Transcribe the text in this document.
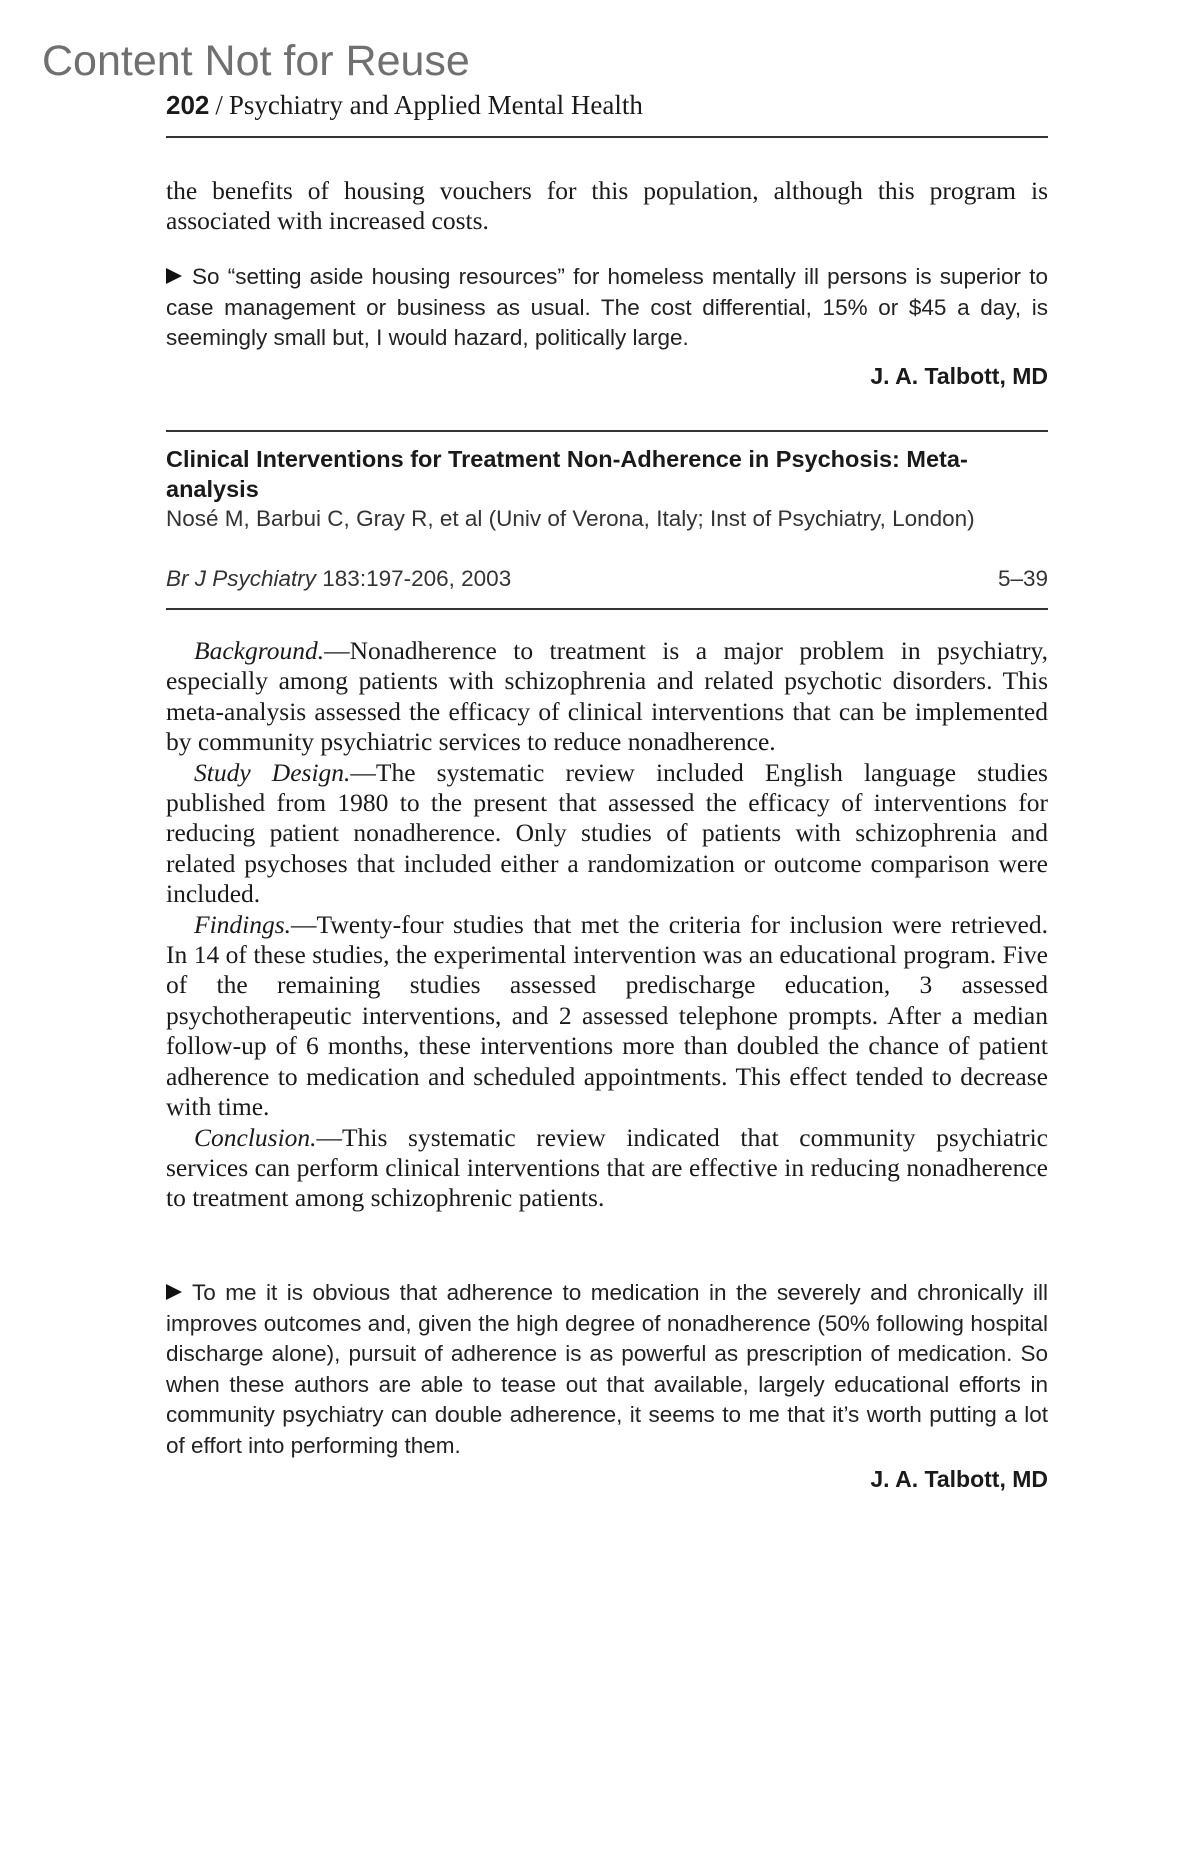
Content Not for Reuse
202 / Psychiatry and Applied Mental Health
the benefits of housing vouchers for this population, although this program is associated with increased costs.
So “setting aside housing resources” for homeless mentally ill persons is superior to case management or business as usual. The cost differential, 15% or $45 a day, is seemingly small but, I would hazard, politically large.
J. A. Talbott, MD
Clinical Interventions for Treatment Non-Adherence in Psychosis: Meta-analysis
Nosé M, Barbui C, Gray R, et al (Univ of Verona, Italy; Inst of Psychiatry, London)
Br J Psychiatry 183:197-206, 2003	5–39

Background.—Nonadherence to treatment is a major problem in psychiatry, especially among patients with schizophrenia and related psychotic disorders. This meta-analysis assessed the efficacy of clinical interventions that can be implemented by community psychiatric services to reduce nonadherence.

Study Design.—The systematic review included English language studies published from 1980 to the present that assessed the efficacy of interventions for reducing patient nonadherence. Only studies of patients with schizophrenia and related psychoses that included either a randomization or outcome comparison were included.

Findings.—Twenty-four studies that met the criteria for inclusion were retrieved. In 14 of these studies, the experimental intervention was an educational program. Five of the remaining studies assessed predischarge education, 3 assessed psychotherapeutic interventions, and 2 assessed telephone prompts. After a median follow-up of 6 months, these interventions more than doubled the chance of patient adherence to medication and scheduled appointments. This effect tended to decrease with time.

Conclusion.—This systematic review indicated that community psychiatric services can perform clinical interventions that are effective in reducing nonadherence to treatment among schizophrenic patients.

To me it is obvious that adherence to medication in the severely and chronically ill improves outcomes and, given the high degree of nonadherence (50% following hospital discharge alone), pursuit of adherence is as powerful as prescription of medication. So when these authors are able to tease out that available, largely educational efforts in community psychiatry can double adherence, it seems to me that it’s worth putting a lot of effort into performing them.
J. A. Talbott, MD
